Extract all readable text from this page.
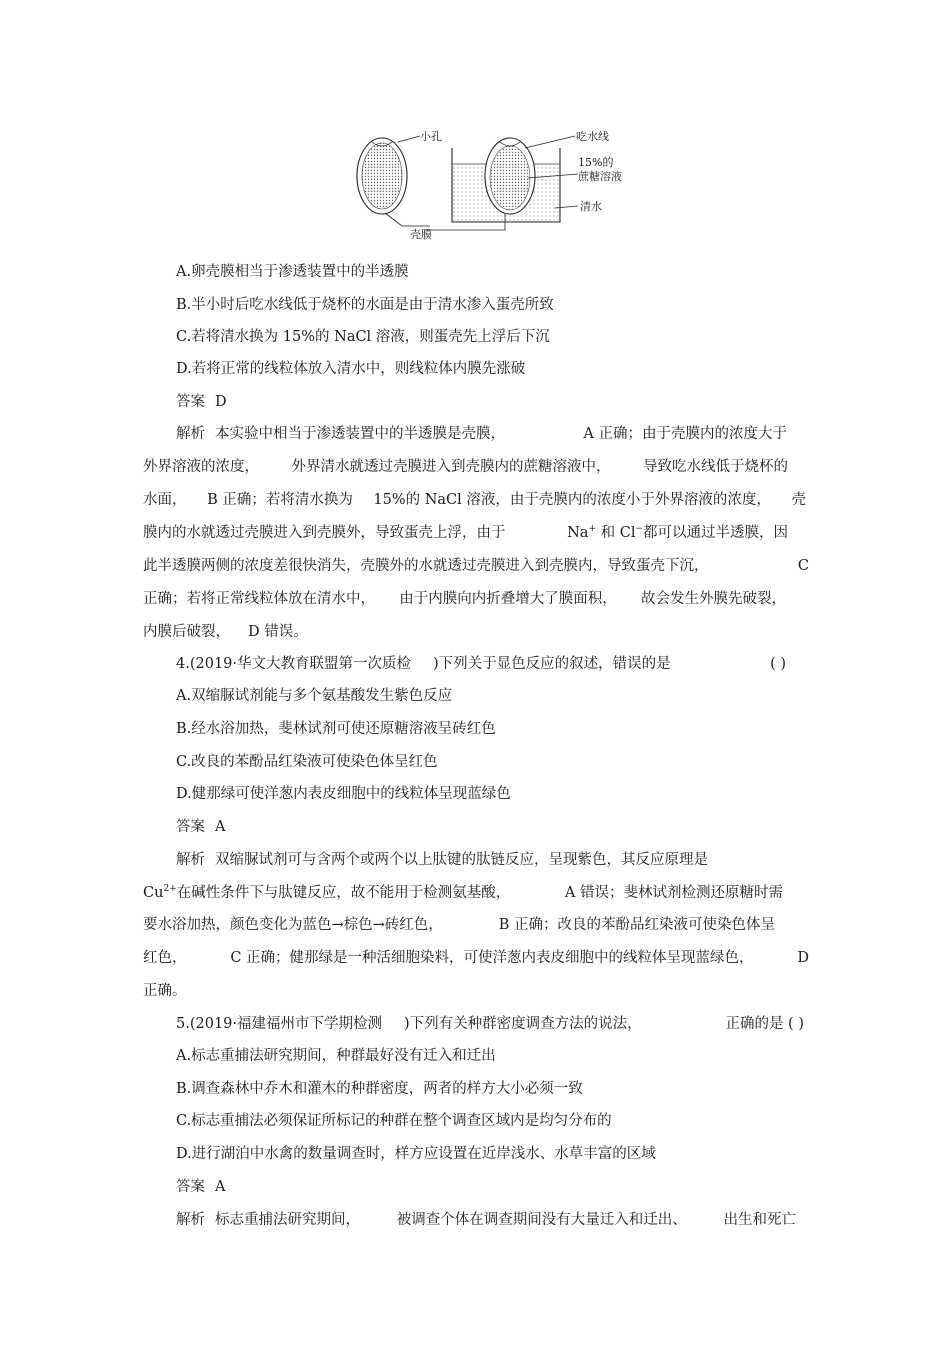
小孔
壳膜
吃水线
15%的
蔗糖溶液
清水
A.卵壳膜相当于渗透装置中的半透膜
B.半小时后吃水线低于烧杯的水面是由于清水渗入蛋壳所致
C.若将清水换为 15%的 NaCl 溶液，则蛋壳先上浮后下沉
D.若将正常的线粒体放入清水中，则线粒体内膜先涨破
答案 D
解析 本实验中相当于渗透装置中的半透膜是壳膜，	A 正确；由于壳膜内的浓度大于
外界溶液的浓度， 外界清水就透过壳膜进入到壳膜内的蔗糖溶液中， 导致吃水线低于烧杯的
水面， B 正确；若将清水换为 15%的 NaCl 溶液，由于壳膜内的浓度小于外界溶液的浓度， 壳
膜内的水就透过壳膜进入到壳膜外，导致蛋壳上浮，由于	Na+ 和 Cl−都可以通过半透膜，因
此半透膜两侧的浓度差很快消失，壳膜外的水就透过壳膜进入到壳膜内，导致蛋壳下沉，	C
正确；若将正常线粒体放在清水中， 由于内膜向内折叠增大了膜面积， 故会发生外膜先破裂，
内膜后破裂， D 错误。
4.(2019·华文大教育联盟第一次质检 )下列关于显色反应的叙述，错误的是	( )
A.双缩脲试剂能与多个氨基酸发生紫色反应
B.经水浴加热，斐林试剂可使还原糖溶液呈砖红色
C.改良的苯酚品红染液可使染色体呈红色
D.健那绿可使洋葱内表皮细胞中的线粒体呈现蓝绿色
答案 A
解析 双缩脲试剂可与含两个或两个以上肽键的肽链反应，呈现紫色，其反应原理是
$Cu^{2+}$在碱性条件下与肽键反应，故不能用于检测氨基酸，	A 错误；斐林试剂检测还原糖时需
要水浴加热，颜色变化为蓝色→棕色→砖红色，	B 正确；改良的苯酚品红染液可使染色体呈
红色，	C 正确；健那绿是一种活细胞染料，可使洋葱内表皮细胞中的线粒体呈现蓝绿色，	D
正确。
5.(2019·福建福州市下学期检测 )下列有关种群密度调查方法的说法，	正确的是 ( )
A.标志重捕法研究期间，种群最好没有迁入和迁出
B.调查森林中乔木和灌木的种群密度，两者的样方大小必须一致
C.标志重捕法必须保证所标记的种群在整个调查区域内是均匀分布的
D.进行湖泊中水禽的数量调查时，样方应设置在近岸浅水、水草丰富的区域
答案 A
解析 标志重捕法研究期间，	被调查个体在调查期间没有大量迁入和迁出、	出生和死亡
